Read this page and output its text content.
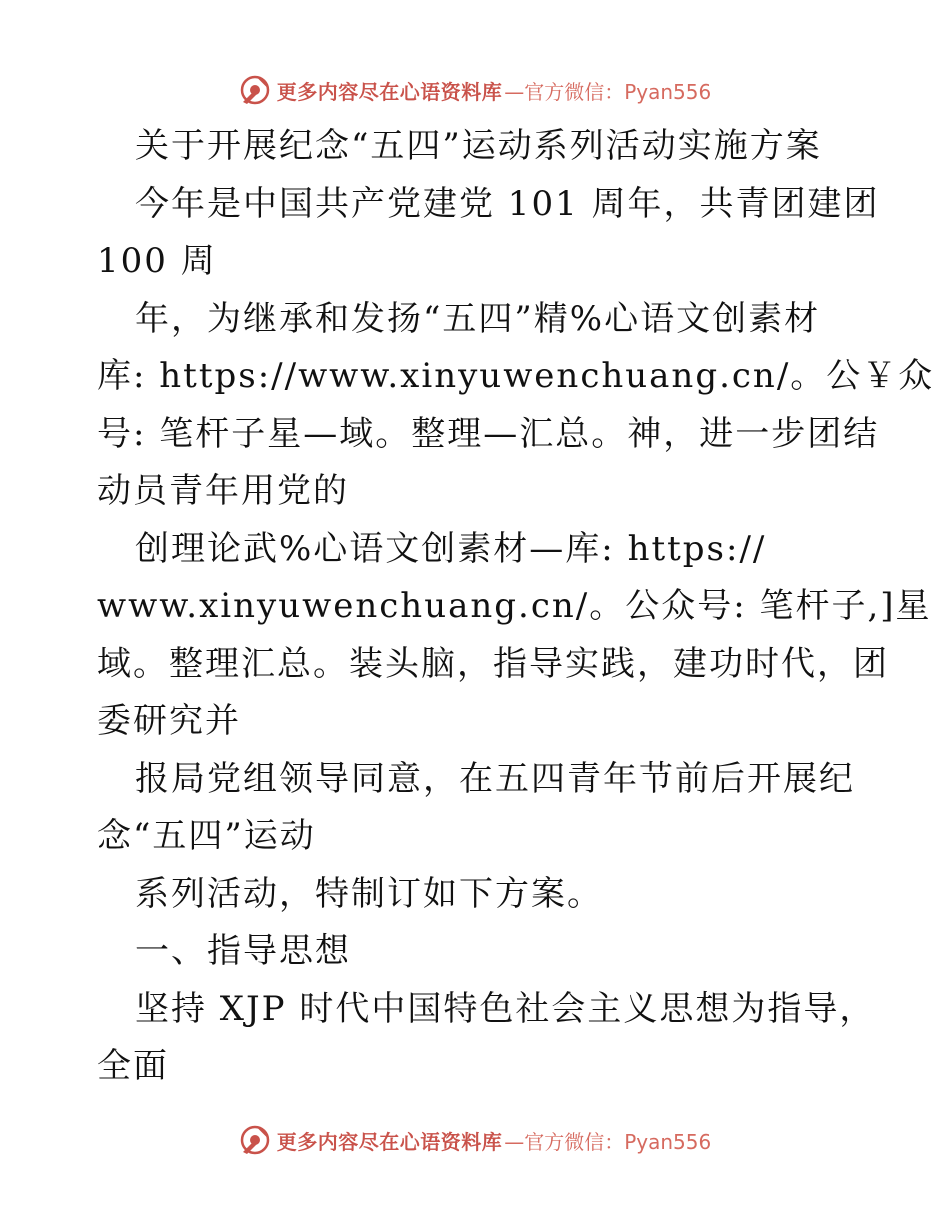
更多内容尽在心语资料库 —官方微信：Pyan556
关于开展纪念“五四”运动系列活动实施方案
今年是中国共产党建党 101 周年，共青团建团
100 周
年，为继承和发扬“五四”精%心语文创素材
库: https://www.xinyuwenchuang.cn/。公￥众
号: 笔杆子星—域。整理—汇总。神，进一步团结
动员青年用党的
创理论武%心语文创素材—库: https://
www.xinyuwenchuang.cn/。公众号: 笔杆子,]星
域。整理汇总。装头脑，指导实践，建功时代，团
委研究并
报局党组领导同意，在五四青年节前后开展纪
念“五四”运动
系列活动，特制订如下方案。
一、指导思想
坚持 XJP 时代中国特色社会主义思想为指导，
全面
更多内容尽在心语资料库 —官方微信：Pyan556
